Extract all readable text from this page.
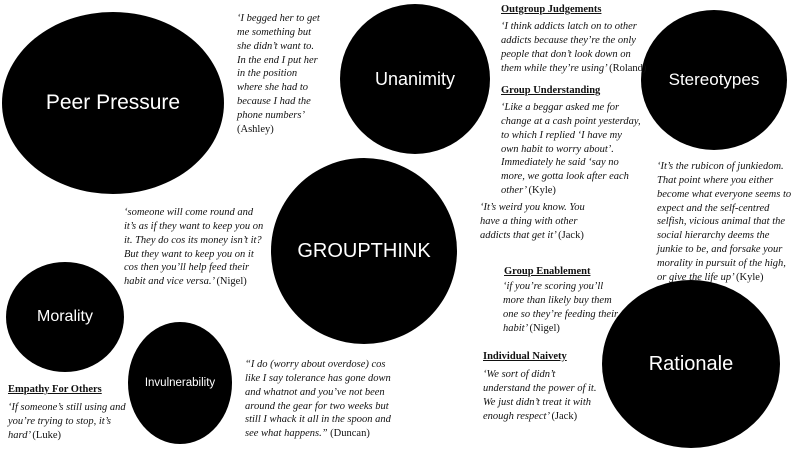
Peer Pressure
Unanimity	Stereotypes
GROUPTHINK
Morality
Invulnerability
Rationale
Outgroup Judgements
Group Understanding
Group Enablement
Individual Naivety
Empathy For Others
‘I begged her to get me something but she didn’t want to. In the end I put her in the position where she had to because I had the phone numbers’ (Ashley)
‘I think addicts latch on to other addicts because they’re the only people that don’t look down on them while they’re using’ (Roland)
‘Like a beggar asked me for change at a cash point yesterday, to which I replied ‘I have my own habit to worry about’. Immediately he said ‘say no more, we gotta look after each other’ (Kyle)
‘It’s the rubicon of junkiedom. That point where you either become what everyone seems to expect and the self-centred selfish, vicious animal that the social hierarchy deems the junkie to be, and forsake your morality in pursuit of the high, or give the life up’ (Kyle)
‘someone will come round and it’s as if they want to keep you on it. They do cos its money isn’t it? But they want to keep you on it cos then you’ll help feed their habit and vice versa.’ (Nigel)
‘It’s weird you know. You have a thing with other addicts that get it’ (Jack)
‘if you’re scoring you’ll more than likely buy them one so they’re feeding their habit’ (Nigel)
“I do (worry about overdose) cos like I say tolerance has gone down and whatnot and you’ve not been around the gear for two weeks but still I whack it all in the spoon and see what happens.” (Duncan)
‘We sort of didn’t understand the power of it. We just didn’t treat it with enough respect’ (Jack)
‘If someone’s still using and you’re trying to stop, it’s hard’ (Luke)
